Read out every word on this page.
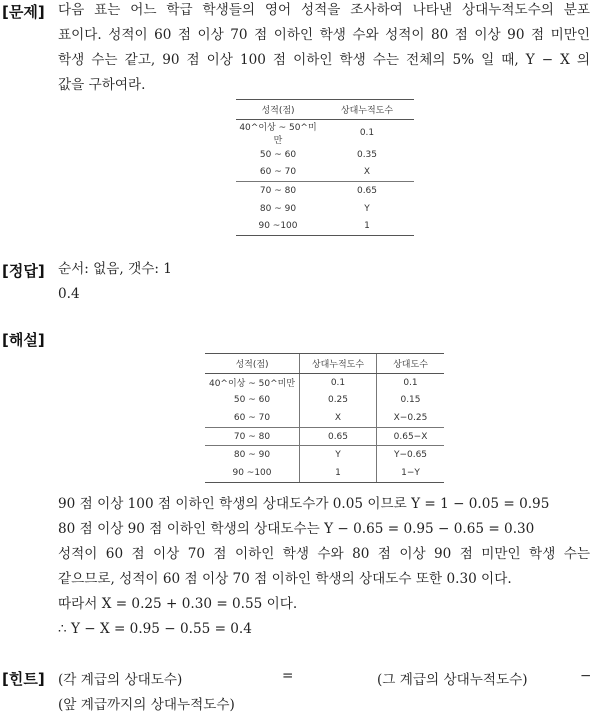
[문제] 다음 표는 어느 학급 학생들의 영어 성적을 조사하여 나타낸 상대누적도수의 분포
표이다. 성적이 60 점 이상 70 점 이하인 학생 수와 성적이 80 점 이상 90 점 미만인
학생 수는 같고, 90 점 이상 100 점 이하인 학생 수는 전체의 5% 일 때, Y − X 의
값을 구하여라.
성적(점)	상대누적도수
40^이상 ~ 50^미만	0.1
50 ~ 60	0.35
60 ~ 70	X
70 ~ 80	0.65
80 ~ 90	Y
90 ~100	1
[정답] 순서: 없음, 갯수: 1
0.4
[해설]
성적(점)	상대누적도수	상대도수
40^이상 ~ 50^미만	0.1	0.1
50 ~ 60	0.25	0.15
60 ~ 70	X	X−0.25
70 ~ 80	0.65	0.65−X
80 ~ 90	Y	Y−0.65
90 ~100	1	1−Y
90 점 이상 100 점 이하인 학생의 상대도수가 0.05 이므로 Y = 1 − 0.05 = 0.95
80 점 이상 90 점 이하인 학생의 상대도수는 Y − 0.65 = 0.95 − 0.65 = 0.30
성적이 60 점 이상 70 점 이하인 학생 수와 80 점 이상 90 점 미만인 학생 수는
같으므로, 성적이 60 점 이상 70 점 이하인 학생의 상대도수 또한 0.30 이다.
따라서 X = 0.25 + 0.30 = 0.55 이다.
∴ Y − X = 0.95 − 0.55 = 0.4
[힌트] (각 계급의 상대도수)	=	(그 계급의 상대누적도수)	−
(앞 계급까지의 상대누적도수)
